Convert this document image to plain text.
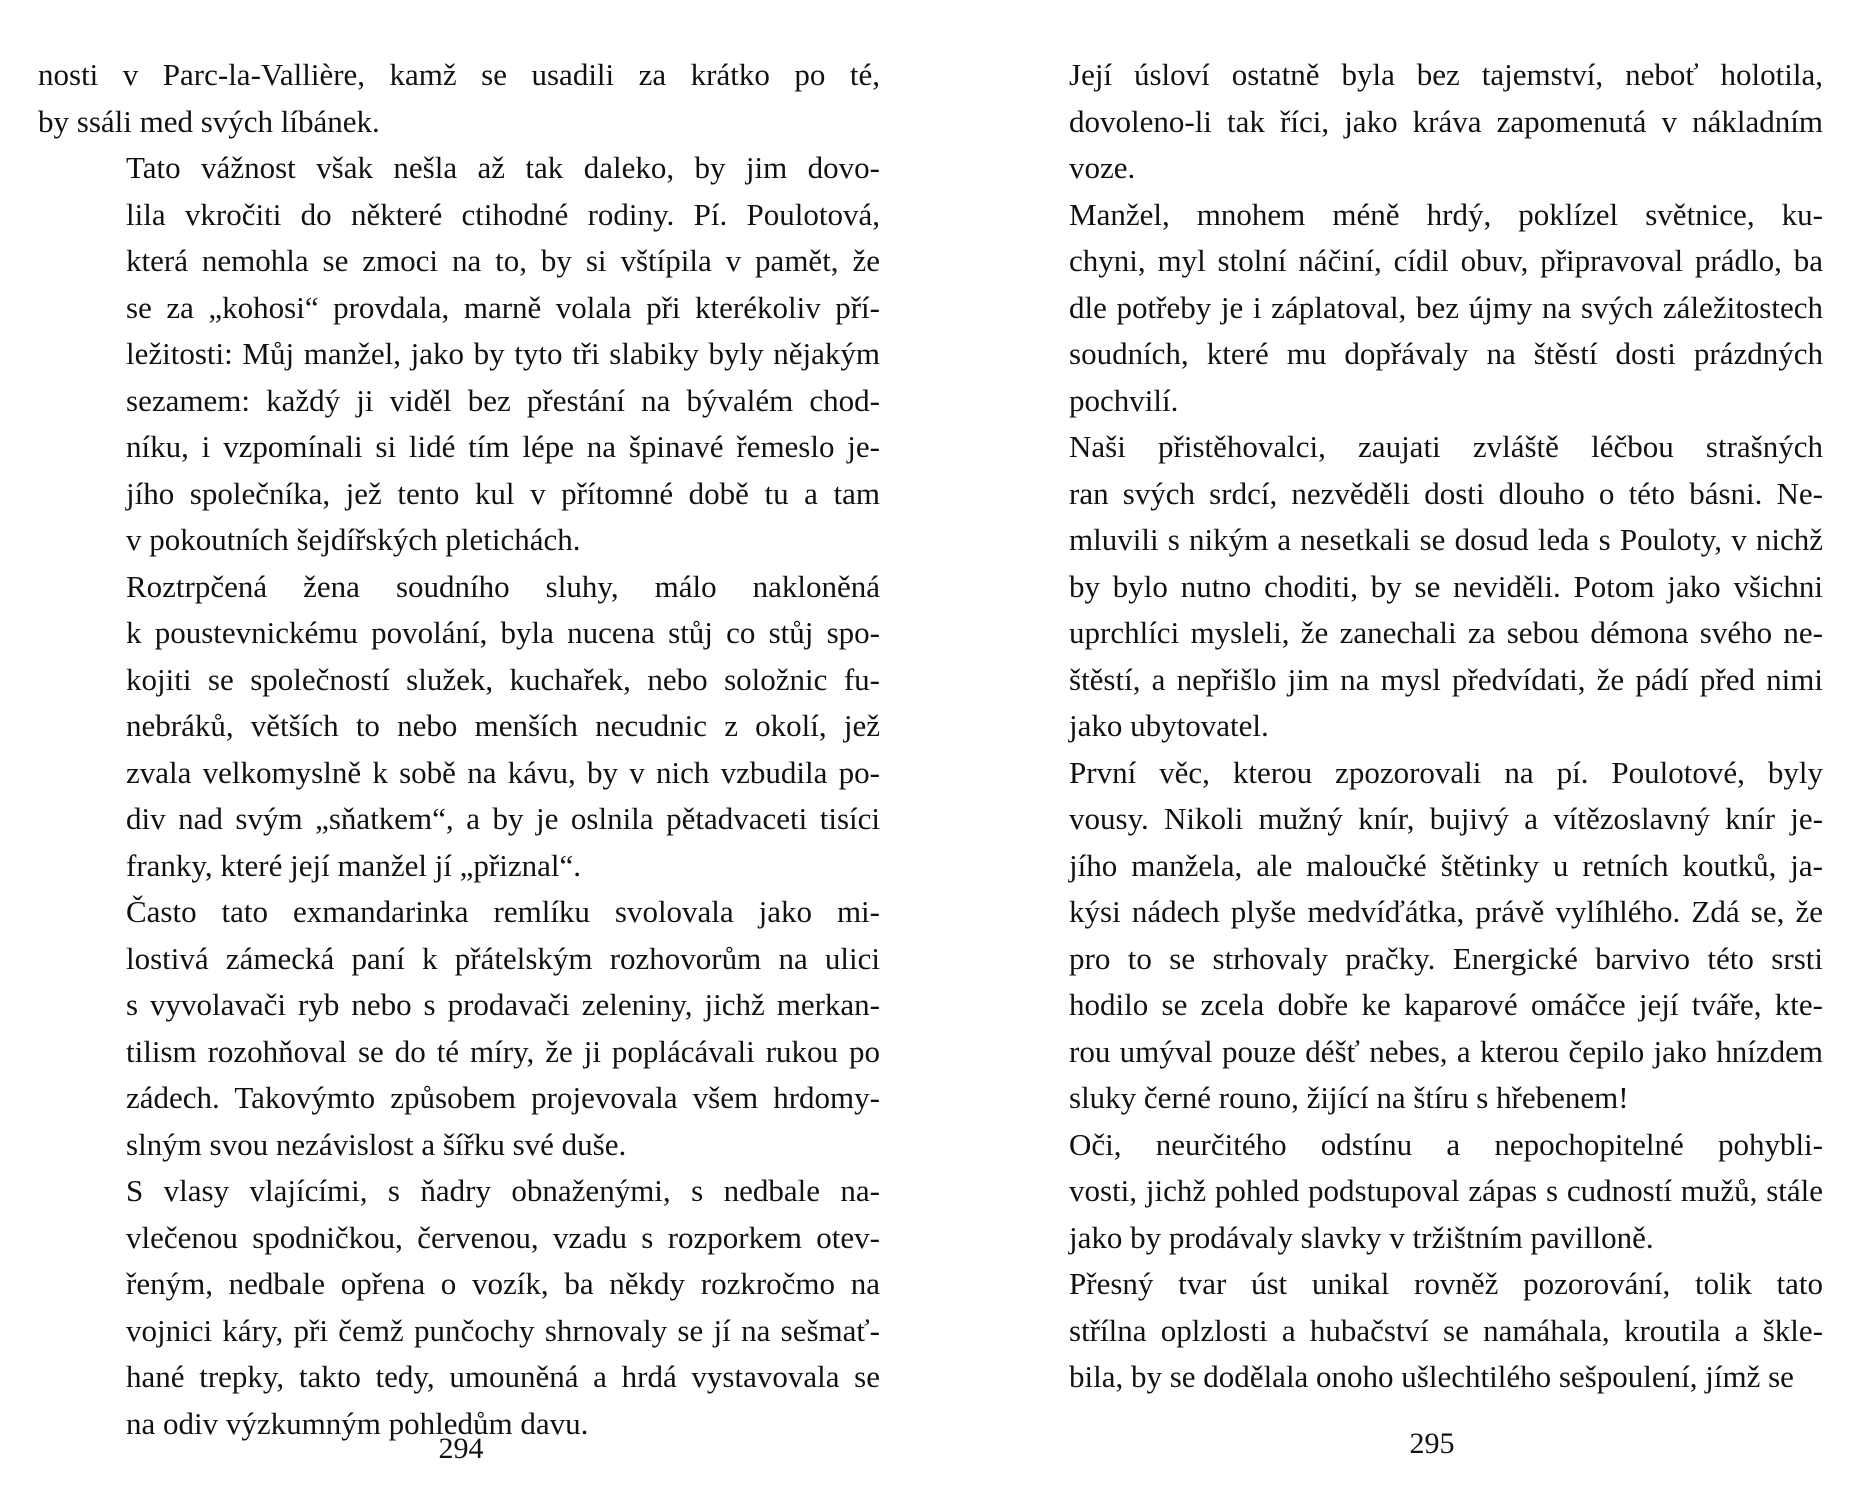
nosti v Parc-la-Vallière, kamž se usadili za krátko po té,
by ssáli med svých líbánek.

Tato vážnost však nešla až tak daleko, by jim dovo-
lila vkročiti do některé ctihodné rodiny. Pí. Poulotová,
která nemohla se zmoci na to, by si vštípila v pamět, že
se za „kohosi“ provdala, marně volala při kterékoliv pří-
ležitosti: Můj manžel, jako by tyto tři slabiky byly nějakým
sezamem: každý ji viděl bez přestání na bývalém chod-
níku, i vzpomínali si lidé tím lépe na špinavé řemeslo je-
jího společníka, jež tento kul v přítomné době tu a tam
v pokoutních šejdířských pletichách.

Roztrpčená žena soudního sluhy, málo nakloněná
k poustevnickému povolání, byla nucena stůj co stůj spo-
kojiti se společností služek, kuchařek, nebo soložnic fu-
nebráků, větších to nebo menších necudnic z okolí, jež
zvala velkomyslně k sobě na kávu, by v nich vzbudila po-
div nad svým „sňatkem“, a by je oslnila pětadvaceti tisíci
franky, které její manžel jí „přiznal“.

Často tato exmandarinka remlíku svolovala jako mi-
lostivá zámecká paní k přátelským rozhovorům na ulici
s vyvolavači ryb nebo s prodavači zeleniny, jichž merkan-
tilism rozohňoval se do té míry, že ji poplácávali rukou po
zádech. Takovýmto způsobem projevovala všem hrdomy-
slným svou nezávislost a šířku své duše.

S vlasy vlajícími, s ňadry obnaženými, s nedbale na-
vlečenou spodničkou, červenou, vzadu s rozporkem otev-
řeným, nedbale opřena o vozík, ba někdy rozkročmo na
vojnici káry, při čemž punčochy shrnovaly se jí na sešmať-
hané trepky, takto tedy, umouněná a hrdá vystavovala se
na odiv výzkumným pohledům davu.

294

Její úsloví ostatně byla bez tajemství, neboť holotila,
dovoleno-li tak říci, jako kráva zapomenutá v nákladním
voze.

Manžel, mnohem méně hrdý, poklízel světnice, ku-
chyni, myl stolní náčiní, cídil obuv, připravoval prádlo, ba
dle potřeby je i záplatoval, bez újmy na svých záležitostech
soudních, které mu dopřávaly na štěstí dosti prázdných
pochvilí.

Naši přistěhovalci, zaujati zvláště léčbou strašných
ran svých srdcí, nezvěděli dosti dlouho o této básni. Ne-
mluvili s nikým a nesetkali se dosud leda s Pouloty, v nichž
by bylo nutno choditi, by se neviděli. Potom jako všichni
uprchlíci mysleli, že zanechali za sebou démona svého ne-
štěstí, a nepřišlo jim na mysl předvídati, že pádí před nimi
jako ubytovatel.

První věc, kterou zpozorovali na pí. Poulotové, byly
vousy. Nikoli mužný knír, bujivý a vítězoslavný knír je-
jího manžela, ale maloučké štětinky u retních koutků, ja-
kýsi nádech plyše medvíďátka, právě vylíhlého. Zdá se, že
pro to se strhovaly pračky. Energické barvivo této srsti
hodilo se zcela dobře ke kaparové omáčce její tváře, kte-
rou umýval pouze déšť nebes, a kterou čepilo jako hnízdem
sluky černé rouno, žijící na štíru s hřebenem!

Oči, neurčitého odstínu a nepochopitelné pohybli-
vosti, jichž pohled podstupoval zápas s cudností mužů, stále
jako by prodávaly slavky v tržištním pavilloně.

Přesný tvar úst unikal rovněž pozorování, tolik tato
střílna oplzlosti a hubačství se namáhala, kroutila a škle-
bila, by se dodělala onoho ušlechtilého sešpoulení, jímž se

295
